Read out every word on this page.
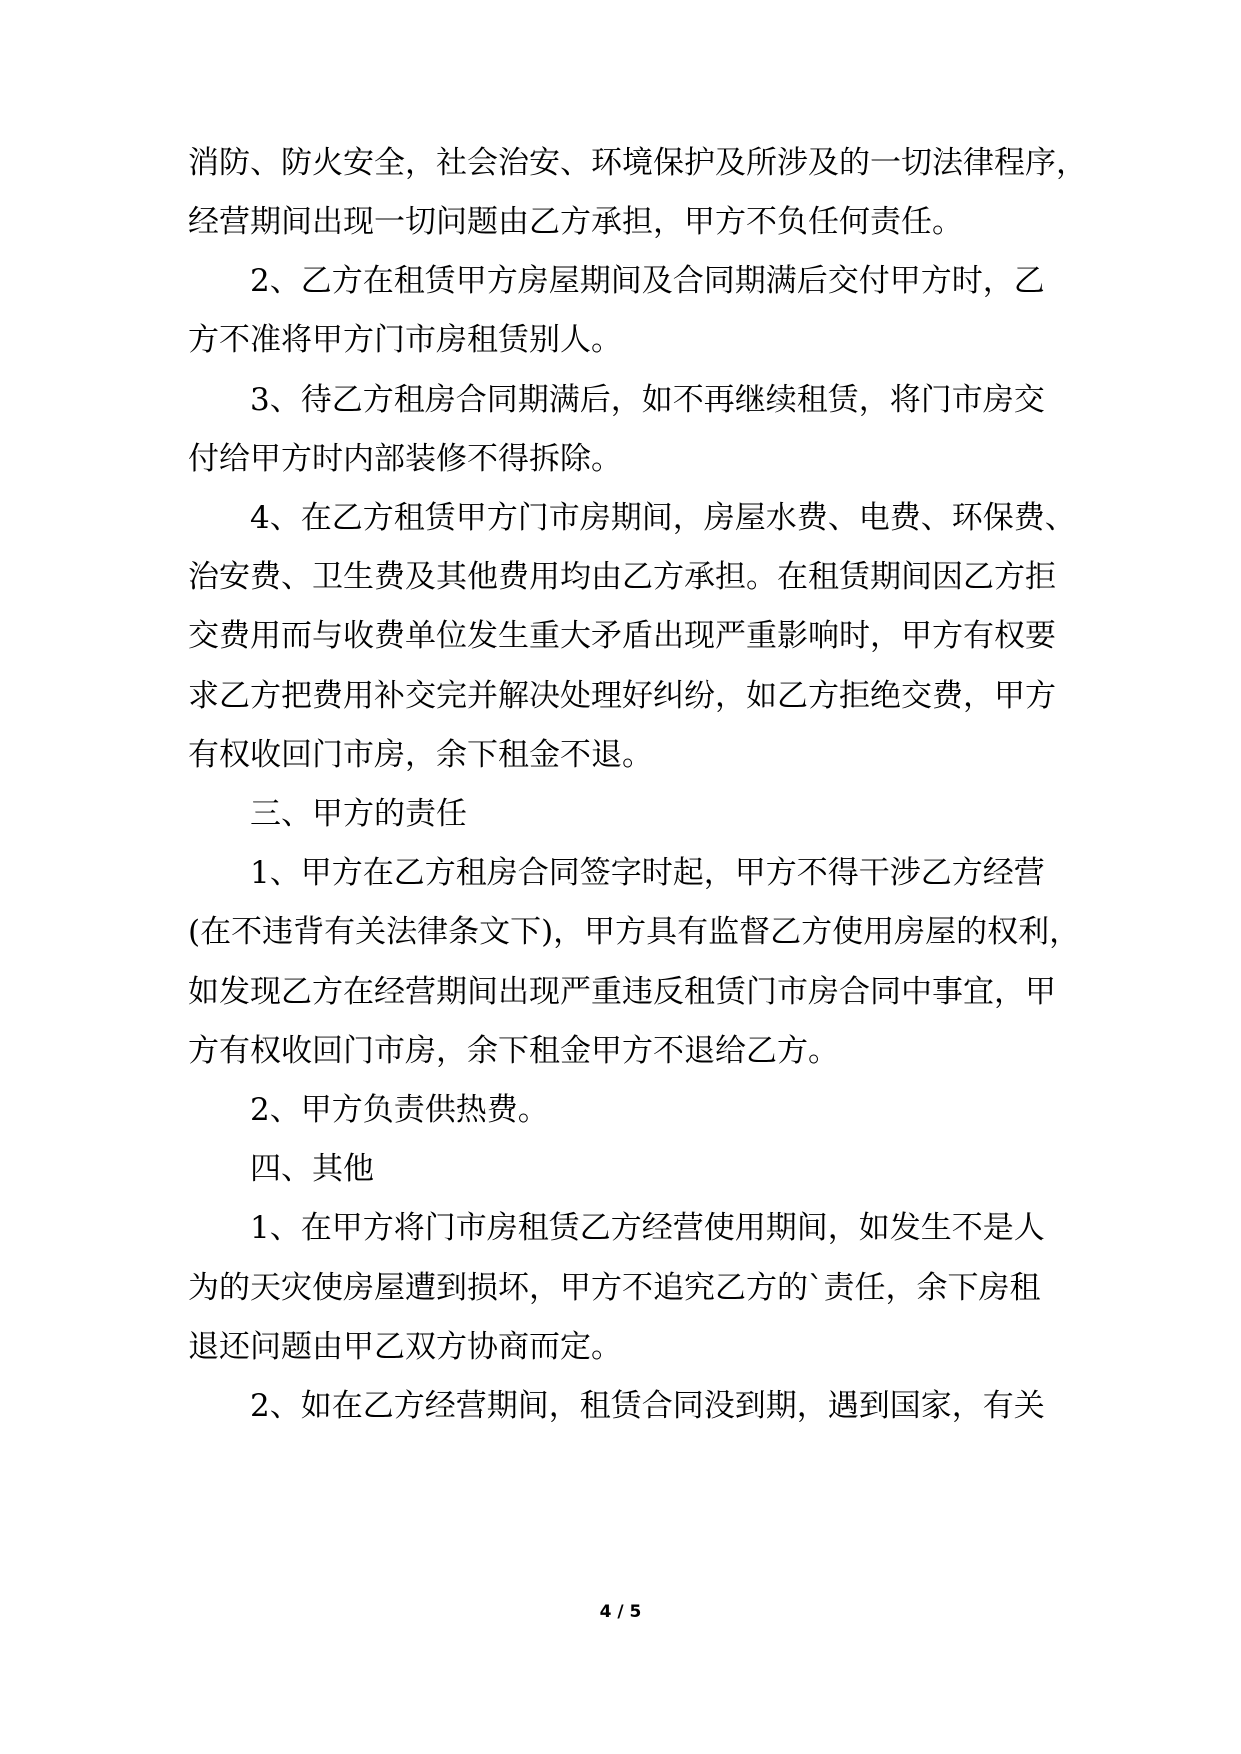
消防、防火安全，社会治安、环境保护及所涉及的一切法律程序，
经营期间出现一切问题由乙方承担，甲方不负任何责任。
2、乙方在租赁甲方房屋期间及合同期满后交付甲方时，乙
方不准将甲方门市房租赁别人。
3、待乙方租房合同期满后，如不再继续租赁，将门市房交
付给甲方时内部装修不得拆除。
4、在乙方租赁甲方门市房期间，房屋水费、电费、环保费、
治安费、卫生费及其他费用均由乙方承担。在租赁期间因乙方拒
交费用而与收费单位发生重大矛盾出现严重影响时，甲方有权要
求乙方把费用补交完并解决处理好纠纷，如乙方拒绝交费，甲方
有权收回门市房，余下租金不退。
三、甲方的责任
1、甲方在乙方租房合同签字时起，甲方不得干涉乙方经营
(在不违背有关法律条文下)，甲方具有监督乙方使用房屋的权利，
如发现乙方在经营期间出现严重违反租赁门市房合同中事宜，甲
方有权收回门市房，余下租金甲方不退给乙方。
2、甲方负责供热费。
四、其他
1、在甲方将门市房租赁乙方经营使用期间，如发生不是人
为的天灾使房屋遭到损坏，甲方不追究乙方的`责任，余下房租
退还问题由甲乙双方协商而定。
2、如在乙方经营期间，租赁合同没到期，遇到国家，有关
4 / 5
